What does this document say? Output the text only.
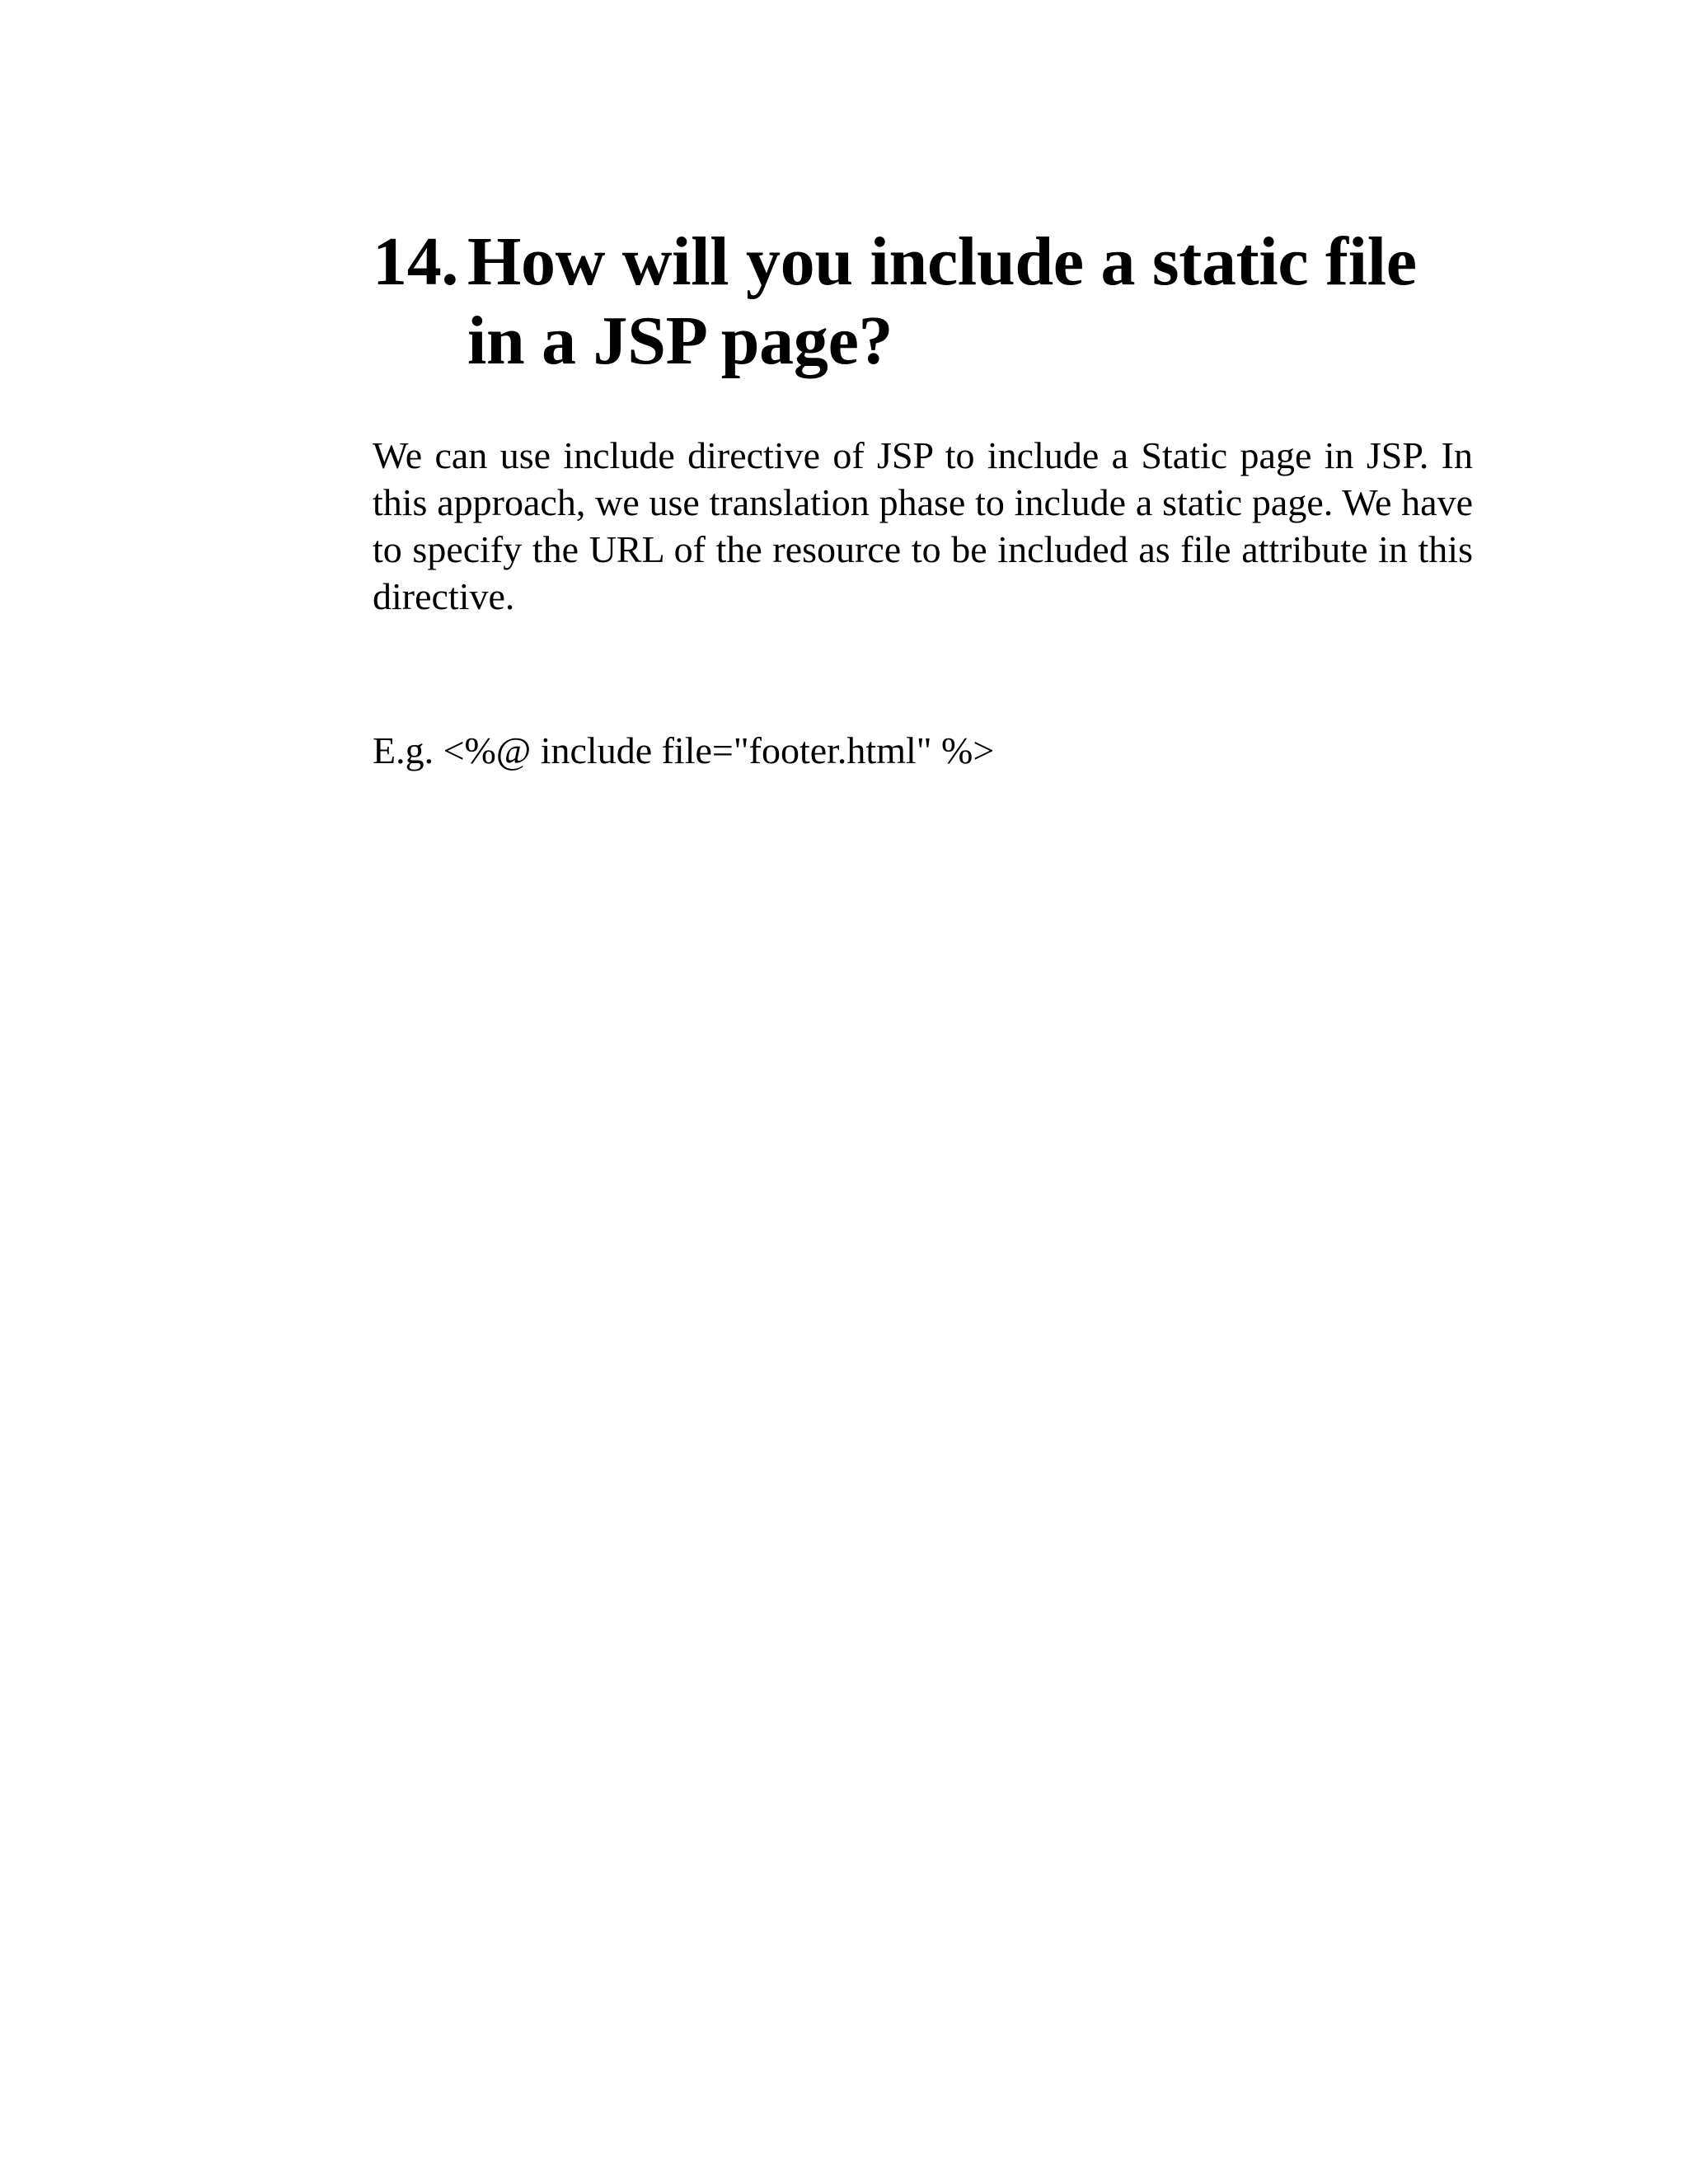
14. How will you include a static file in a JSP page?

We can use include directive of JSP to include a Static page in JSP. In this approach, we use translation phase to include a static page. We have to specify the URL of the resource to be included as file attribute in this directive.

E.g. <%@ include file="footer.html" %>
